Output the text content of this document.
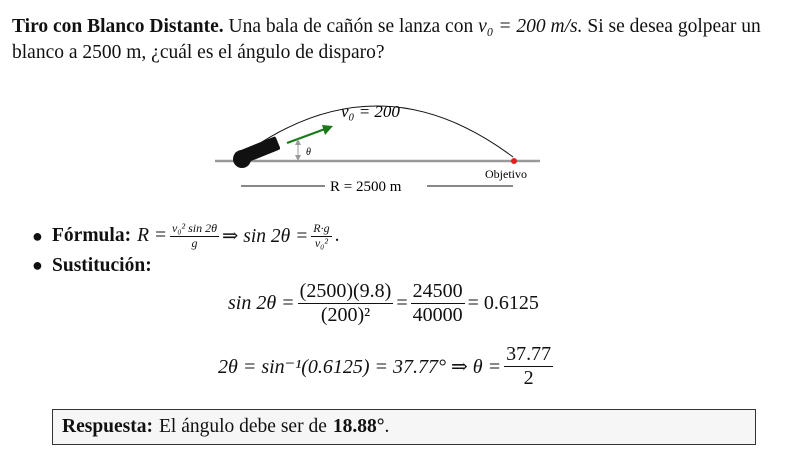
Tiro con Blanco Distante. Una bala de cañón se lanza con v₀ = 200 m/s. Si se desea golpear un blanco a 2500 m, ¿cuál es el ángulo de disparo?
θ
v₀ = 200
Objetivo
R = 2500 m
● Fórmula: $R = \frac{\text{v₀² sin 2θ}}{g}$ ⇒ $\sin 2\theta = \frac{R\cdot g}{\text{v₀²}}$ .
● Sustitución:
$\sin 2\theta = \frac{(2500)(9.8)}{\text{(200)²}} = \frac{24500}{40000} = 0.6125$
2θ = sin⁻¹(0.6125) = 37.77° ⇒ $\theta = \frac{37.77}{2}$
Respuesta: El ángulo debe ser de 18.88° .
